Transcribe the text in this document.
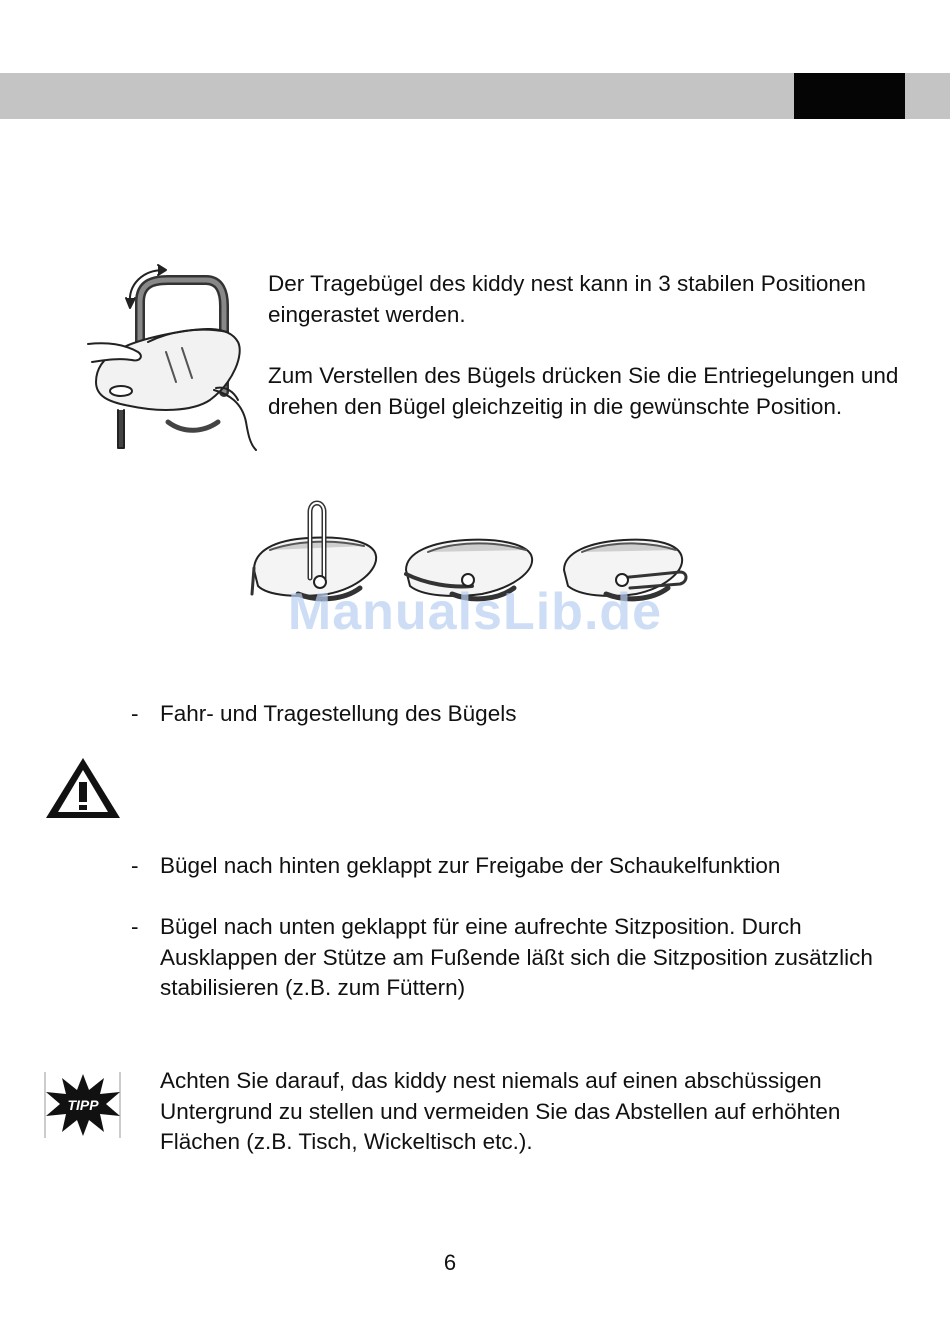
Der Tragebügel des kiddy nest kann in 3 stabilen Positionen eingerastet werden.

Zum Verstellen des Bügels drücken Sie die Entriegelungen und drehen den Bügel gleichzeitig in die gewünschte Position.

ManualsLib.de
- Fahr- und Tragestellung des Bügels

- Bügel nach hinten geklappt zur Freigabe der Schaukelfunktion

- Bügel nach unten geklappt für eine aufrechte Sitzposition. Durch Ausklappen der Stütze am Fußende läßt sich die Sitzposition zusätzlich stabilisieren (z.B. zum Füttern)

TIPP

Achten Sie darauf, das kiddy nest niemals auf einen abschüssigen Untergrund zu stellen und vermeiden Sie das Abstellen auf erhöhten Flächen (z.B. Tisch, Wickeltisch etc.).

6
